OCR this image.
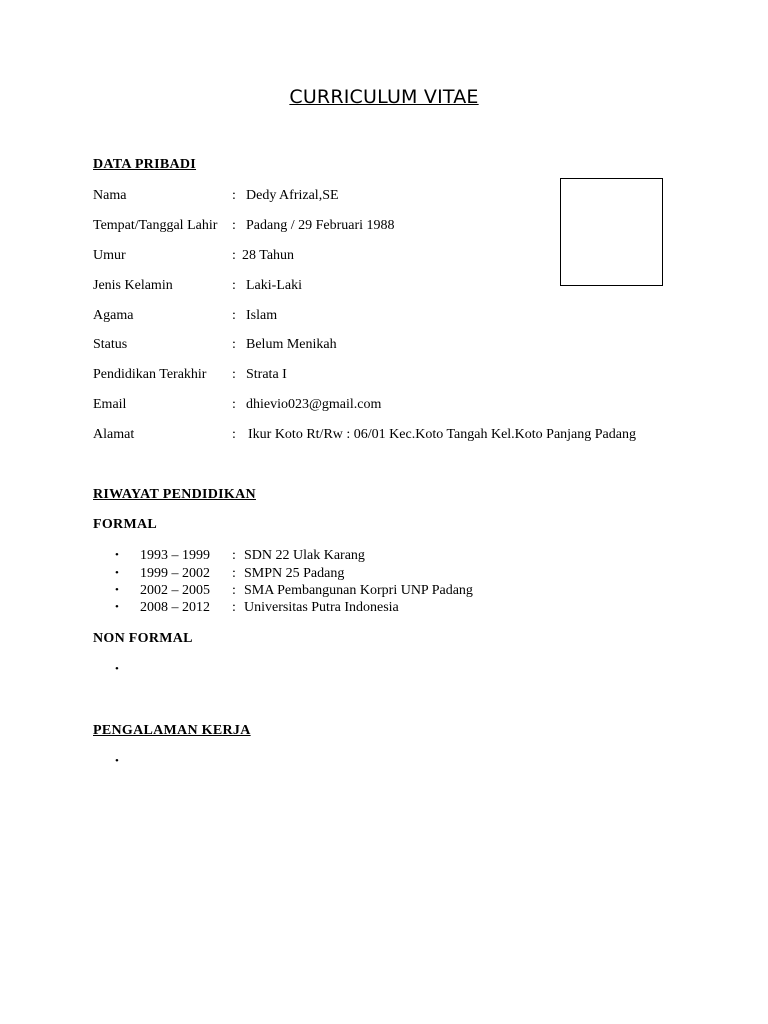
CURRICULUM VITAE
DATA PRIBADI
Nama	: Dedy Afrizal,SE
Tempat/Tanggal Lahir : Padang / 29 Februari 1988
Umur	: 28 Tahun
Jenis Kelamin	: Laki-Laki
Agama	: Islam
Status	: Belum Menikah
Pendidikan Terakhir : Strata I
Email	: dhievio023@gmail.com
Alamat	: Ikur Koto Rt/Rw : 06/01 Kec.Koto Tangah Kel.Koto Panjang Padang
RIWAYAT PENDIDIKAN
FORMAL
• 1993 – 1999 : SDN 22 Ulak Karang
• 1999 – 2002 : SMPN 25 Padang
• 2002 – 2005 : SMA Pembangunan Korpri UNP Padang
• 2008 – 2012 : Universitas Putra Indonesia
NON FORMAL
•
PENGALAMAN KERJA
•
